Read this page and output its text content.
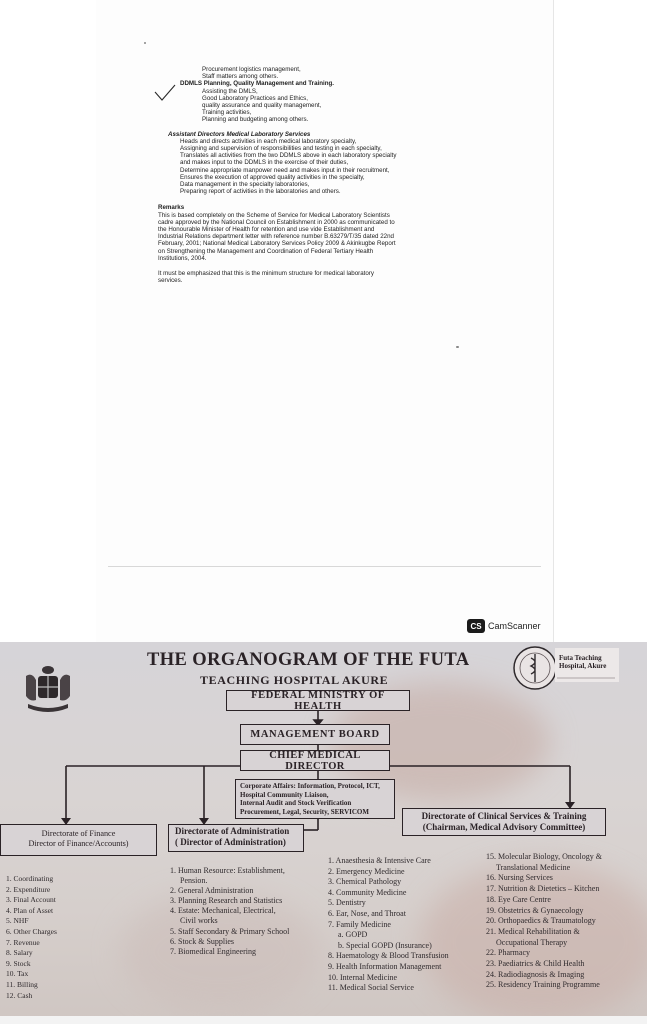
Procurement logistics management,
Staff matters among others.
DDMLS Planning, Quality Management and Training.
Assisting the DMLS,
Good Laboratory Practices and Ethics,
quality assurance and quality management,
Training activities,
Planning and budgeting among others.
Assistant Directors Medical Laboratory Services
Heads and directs activities in each medical laboratory specialty,
Assigning and supervision of responsibilities and testing in each specialty,
Translates all activities from the two DDMLS above in each laboratory specialty
and makes input to the DDMLS in the exercise of their duties,
Determine appropriate manpower need and makes input in their recruitment,
Ensures the execution of approved quality activities in the specialty,
Data management in the specialty laboratories,
Preparing report of activities in the laboratories and others.
Remarks
This is based completely on the Scheme of Service for Medical Laboratory Scientists
cadre approved by the National Council on Establishment in 2000 as communicated to
the Honourable Minister of Health for retention and use vide Establishment and
Industrial Relations department letter with reference number B.63279/T/35 dated 22nd
February, 2001; National Medical Laboratory Services Policy 2009 & Akinkugbe Report
on Strengthening the Management and Coordination of Federal Tertiary Health
Institutions, 2004.

It must be emphasized that this is the minimum structure for medical laboratory

services.

CS CamScanner
Futa Teaching
Hospital, Akure
THE ORGANOGRAM OF THE FUTA
TEACHING HOSPITAL AKURE
FEDERAL MINISTRY OF HEALTH
MANAGEMENT BOARD
CHIEF MEDICAL DIRECTOR
Corporate Affairs: Information, Protocol, ICT,
Hospital Community Liaison,
Internal Audit and Stock Verification
Procurement, Legal, Security, SERVICOM
Directorate of Finance
Director of Finance/Accounts)
Directorate of Administration
( Director of Administration)
Directorate of Clinical Services & Training
(Chairman, Medical Advisory Committee)
1. Coordinating
2. Expenditure
3. Final Account
4. Plan of Asset
5. NHF
6. Other Charges
7. Revenue
8. Salary
9. Stock
10. Tax
11. Billing
12. Cash
1. Human Resource: Establishment,
Pension.
2. General Administration
3. Planning Research and Statistics
4. Estate: Mechanical, Electrical,
Civil works
5. Staff Secondary & Primary School
6. Stock & Supplies
7. Biomedical Engineering
1. Anaesthesia & Intensive Care
2. Emergency Medicine
3. Chemical Pathology
4. Community Medicine
5. Dentistry
6. Ear, Nose, and Throat
7. Family Medicine
a. GOPD
b. Special GOPD (Insurance)
8. Haematology & Blood Transfusion
9. Health Information Management
10. Internal Medicine
11. Medical Social Service
15. Molecular Biology, Oncology &
Translational Medicine
16. Nursing Services
17. Nutrition & Dietetics – Kitchen
18. Eye Care Centre
19. Obstetrics & Gynaecology
20. Orthopaedics & Traumatology
21. Medical Rehabilitation &
Occupational Therapy
22. Pharmacy
23. Paediatrics & Child Health
24. Radiodiagnosis & Imaging
25. Residency Training Programme
